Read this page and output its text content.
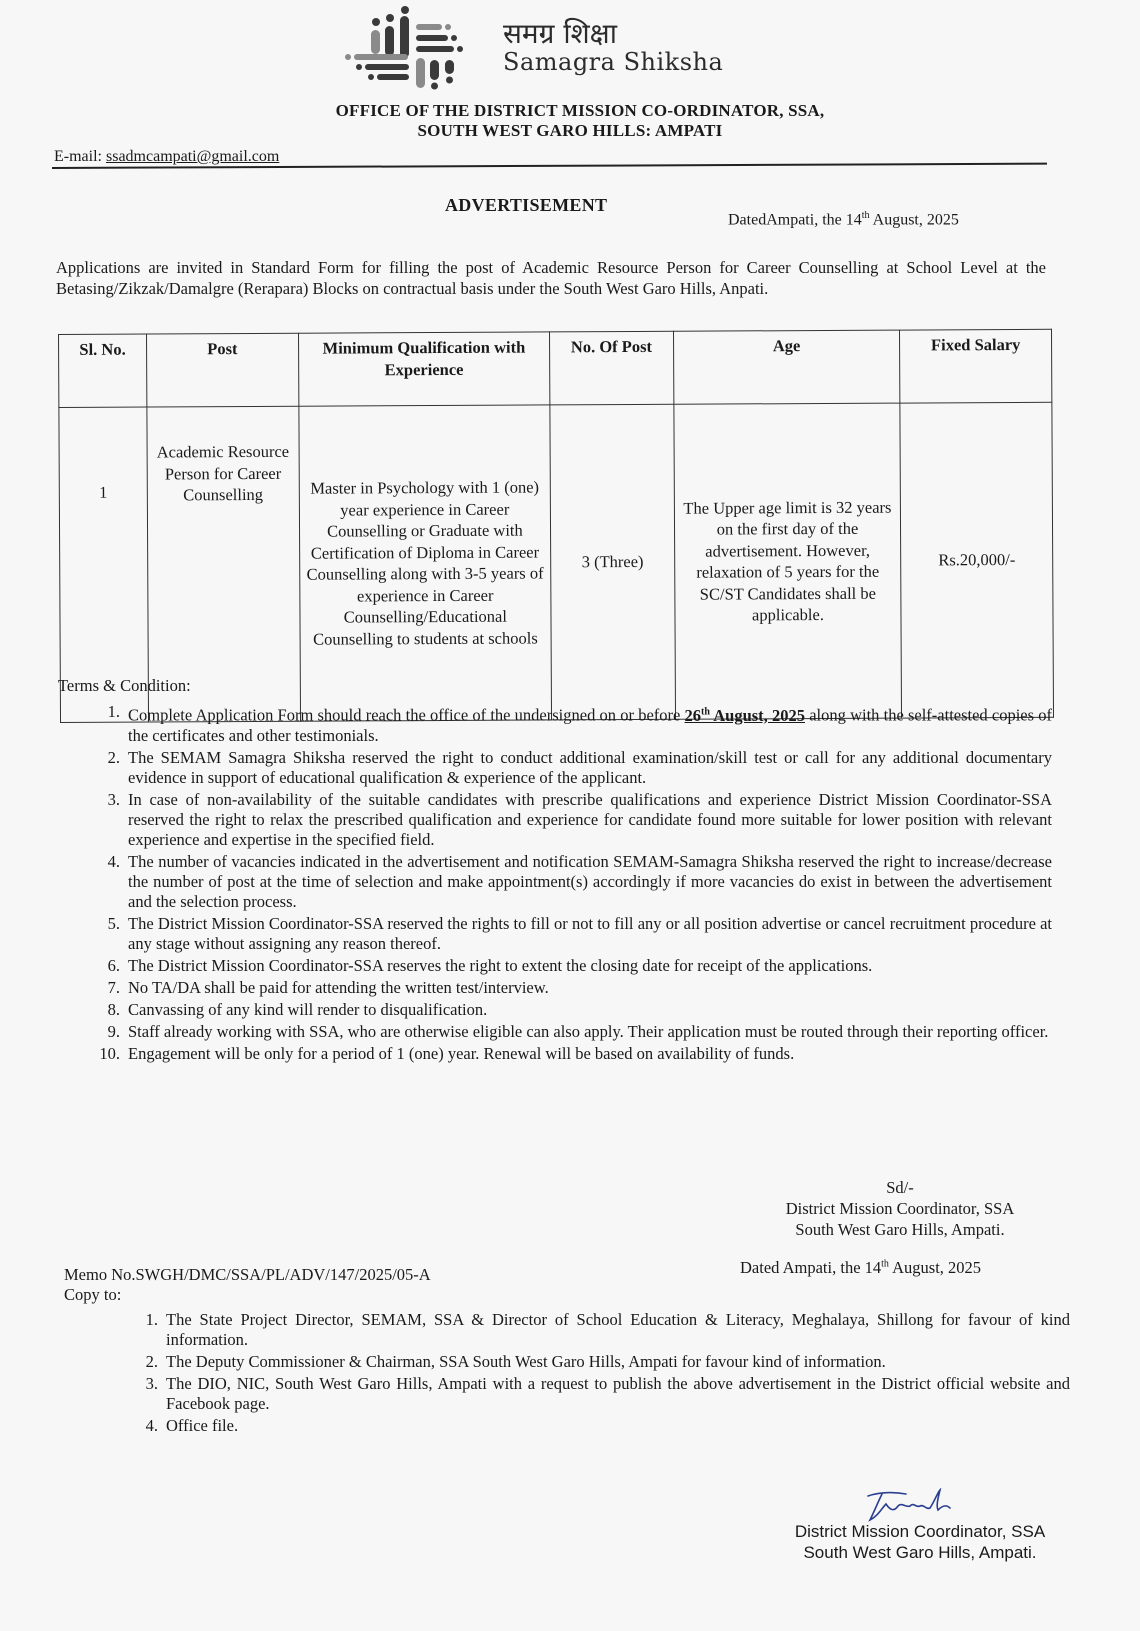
समग्र शिक्षा
Samagra Shiksha
OFFICE OF THE DISTRICT MISSION CO-ORDINATOR, SSA,
SOUTH WEST GARO HILLS: AMPATI
E-mail: ssadmcampati@gmail.com
ADVERTISEMENT
DatedAmpati, the 14th August, 2025
Applications are invited in Standard Form for filling the post of Academic Resource Person for Career Counselling at School Level at the Betasing/Zikzak/Damalgre (Rerapara) Blocks on contractual basis under the South West Garo Hills, Anpati.
Sl. No.	Post	Minimum Qualification with Experience	No. Of Post	Age	Fixed Salary
1	Academic Resource Person for Career Counselling	Master in Psychology with 1 (one) year experience in Career Counselling or Graduate with Certification of Diploma in Career Counselling along with 3-5 years of experience in Career Counselling/Educational Counselling to students at schools	3 (Three)	The Upper age limit is 32 years on the first day of the advertisement. However, relaxation of 5 years for the SC/ST Candidates shall be applicable.	Rs.20,000/-
Terms & Condition:
1. Complete Application Form should reach the office of the undersigned on or before 26th August, 2025 along with the self-attested copies of the certificates and other testimonials.
2. The SEMAM Samagra Shiksha reserved the right to conduct additional examination/skill test or call for any additional documentary evidence in support of educational qualification & experience of the applicant.
3. In case of non-availability of the suitable candidates with prescribe qualifications and experience District Mission Coordinator-SSA reserved the right to relax the prescribed qualification and experience for candidate found more suitable for lower position with relevant experience and expertise in the specified field.
4. The number of vacancies indicated in the advertisement and notification SEMAM-Samagra Shiksha reserved the right to increase/decrease the number of post at the time of selection and make appointment(s) accordingly if more vacancies do exist in between the advertisement and the selection process.
5. The District Mission Coordinator-SSA reserved the rights to fill or not to fill any or all position advertise or cancel recruitment procedure at any stage without assigning any reason thereof.
6. The District Mission Coordinator-SSA reserves the right to extent the closing date for receipt of the applications.
7. No TA/DA shall be paid for attending the written test/interview.
8. Canvassing of any kind will render to disqualification.
9. Staff already working with SSA, who are otherwise eligible can also apply. Their application must be routed through their reporting officer.
10. Engagement will be only for a period of 1 (one) year. Renewal will be based on availability of funds.
Sd/-
District Mission Coordinator, SSA
South West Garo Hills, Ampati.
Memo No.SWGH/DMC/SSA/PL/ADV/147/2025/05-A	Dated Ampati, the 14th August, 2025
Copy to:
1. The State Project Director, SEMAM, SSA & Director of School Education & Literacy, Meghalaya, Shillong for favour of kind information.
2. The Deputy Commissioner & Chairman, SSA South West Garo Hills, Ampati for favour kind of information.
3. The DIO, NIC, South West Garo Hills, Ampati with a request to publish the above advertisement in the District official website and Facebook page.
4. Office file.
District Mission Coordinator, SSA
South West Garo Hills, Ampati.
